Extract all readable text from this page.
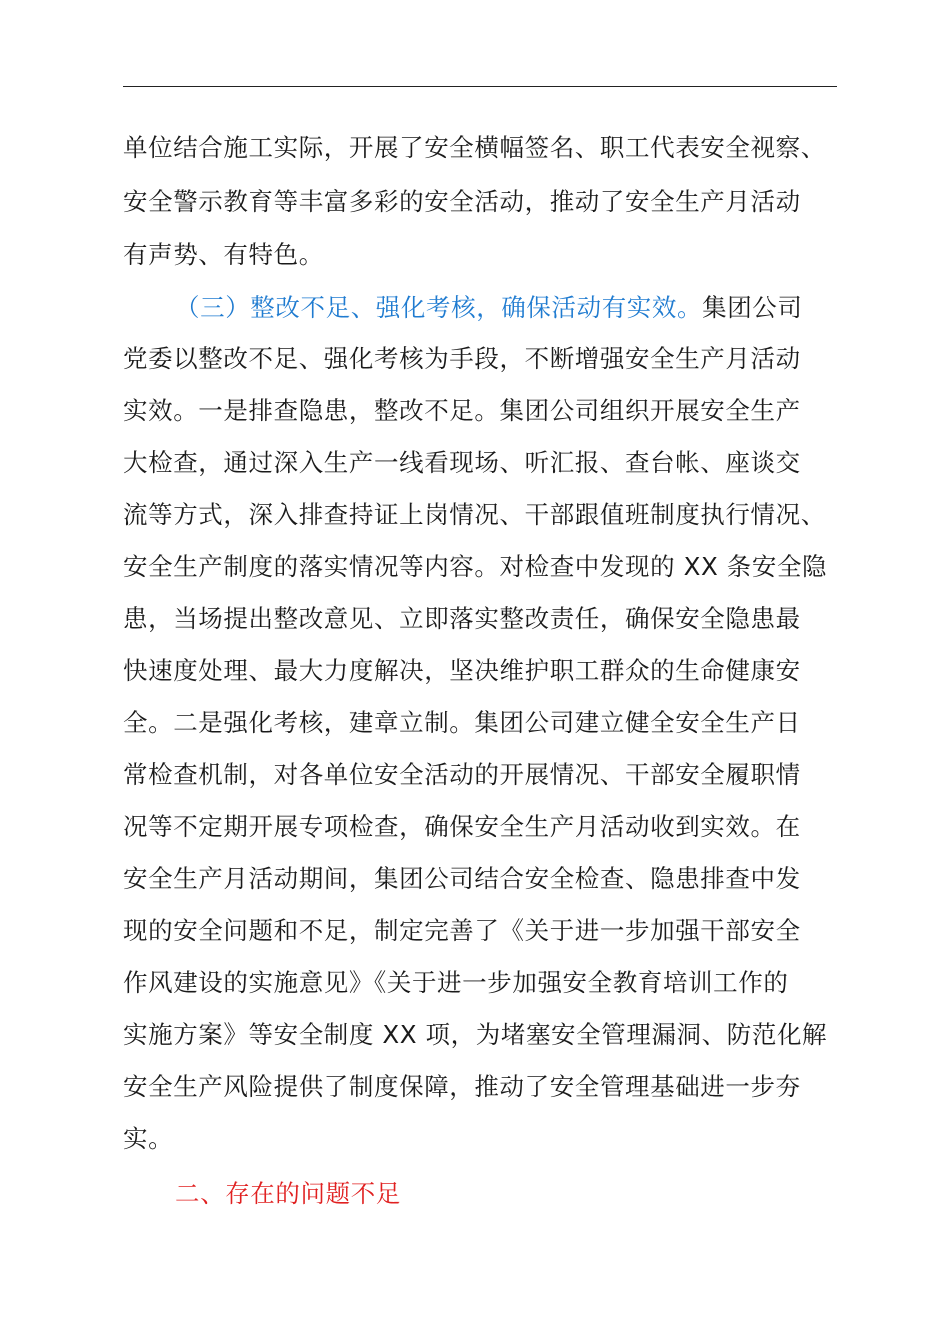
单位结合施工实际，开展了安全横幅签名、职工代表安全视察、
安全警示教育等丰富多彩的安全活动，推动了安全生产月活动
有声势、有特色。
（三）整改不足、强化考核，确保活动有实效。集团公司
党委以整改不足、强化考核为手段，不断增强安全生产月活动
实效。一是排查隐患，整改不足。集团公司组织开展安全生产
大检查，通过深入生产一线看现场、听汇报、查台帐、座谈交
流等方式，深入排查持证上岗情况、干部跟值班制度执行情况、
安全生产制度的落实情况等内容。对检查中发现的 XX 条安全隐
患，当场提出整改意见、立即落实整改责任，确保安全隐患最
快速度处理、最大力度解决，坚决维护职工群众的生命健康安
全。二是强化考核，建章立制。集团公司建立健全安全生产日
常检查机制，对各单位安全活动的开展情况、干部安全履职情
况等不定期开展专项检查，确保安全生产月活动收到实效。在
安全生产月活动期间，集团公司结合安全检查、隐患排查中发
现的安全问题和不足，制定完善了《关于进一步加强干部安全
作风建设的实施意见》《关于进一步加强安全教育培训工作的
实施方案》等安全制度 XX 项，为堵塞安全管理漏洞、防范化解
安全生产风险提供了制度保障，推动了安全管理基础进一步夯
实。
二、存在的问题不足
